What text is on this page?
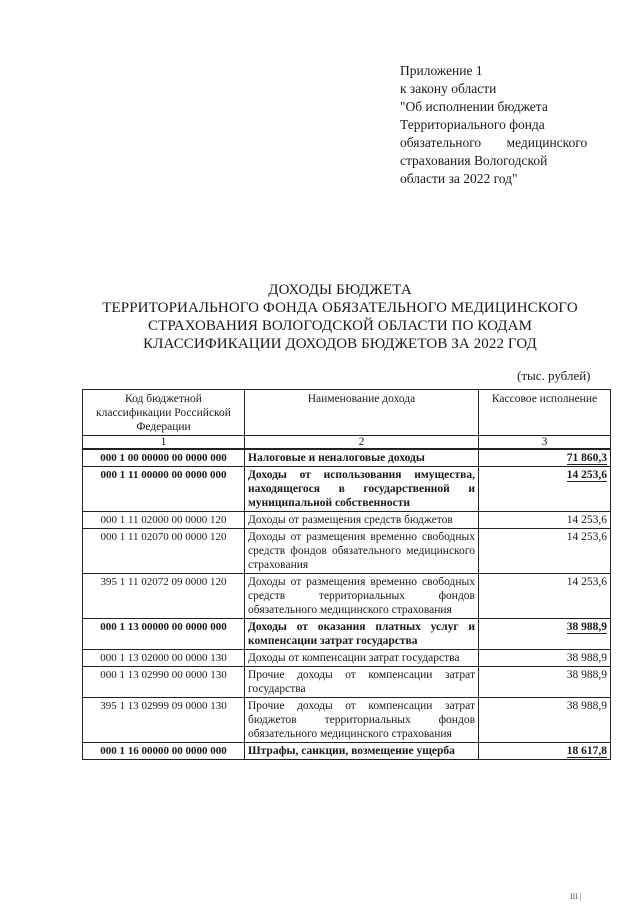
Приложение 1
к закону области
"Об исполнении бюджета
Территориального фонда
обязательного медицинского
страхования Вологодской
области за 2022 год"
ДОХОДЫ БЮДЖЕТА
ТЕРРИТОРИАЛЬНОГО ФОНДА ОБЯЗАТЕЛЬНОГО МЕДИЦИНСКОГО
СТРАХОВАНИЯ ВОЛОГОДСКОЙ ОБЛАСТИ ПО КОДАМ
КЛАССИФИКАЦИИ ДОХОДОВ БЮДЖЕТОВ ЗА 2022 ГОД
(тыс. рублей)
Код бюджетной классификации Российской Федерации	Наименование дохода	Кассовое исполнение
1	2	3
000 1 00 00000 00 0000 000	Налоговые и неналоговые доходы	71 860,3
000 1 11 00000 00 0000 000	Доходы от использования имущества, находящегося в государственной и муниципальной собственности	14 253,6
000 1 11 02000 00 0000 120	Доходы от размещения средств бюджетов	14 253,6
000 1 11 02070 00 0000 120	Доходы от размещения временно свободных средств фондов обязательного медицинского страхования	14 253,6
395 1 11 02072 09 0000 120	Доходы от размещения временно свободных средств территориальных фондов обязательного медицинского страхования	14 253,6
000 1 13 00000 00 0000 000	Доходы от оказания платных услуг и компенсации затрат государства	38 988,9
000 1 13 02000 00 0000 130	Доходы от компенсации затрат государства	38 988,9
000 1 13 02990 00 0000 130	Прочие доходы от компенсации затрат государства	38 988,9
395 1 13 02999 09 0000 130	Прочие доходы от компенсации затрат бюджетов территориальных фондов обязательного медицинского страхования	38 988,9
000 1 16 00000 00 0000 000	Штрафы, санкции, возмещение ущерба	18 617,8
III |
